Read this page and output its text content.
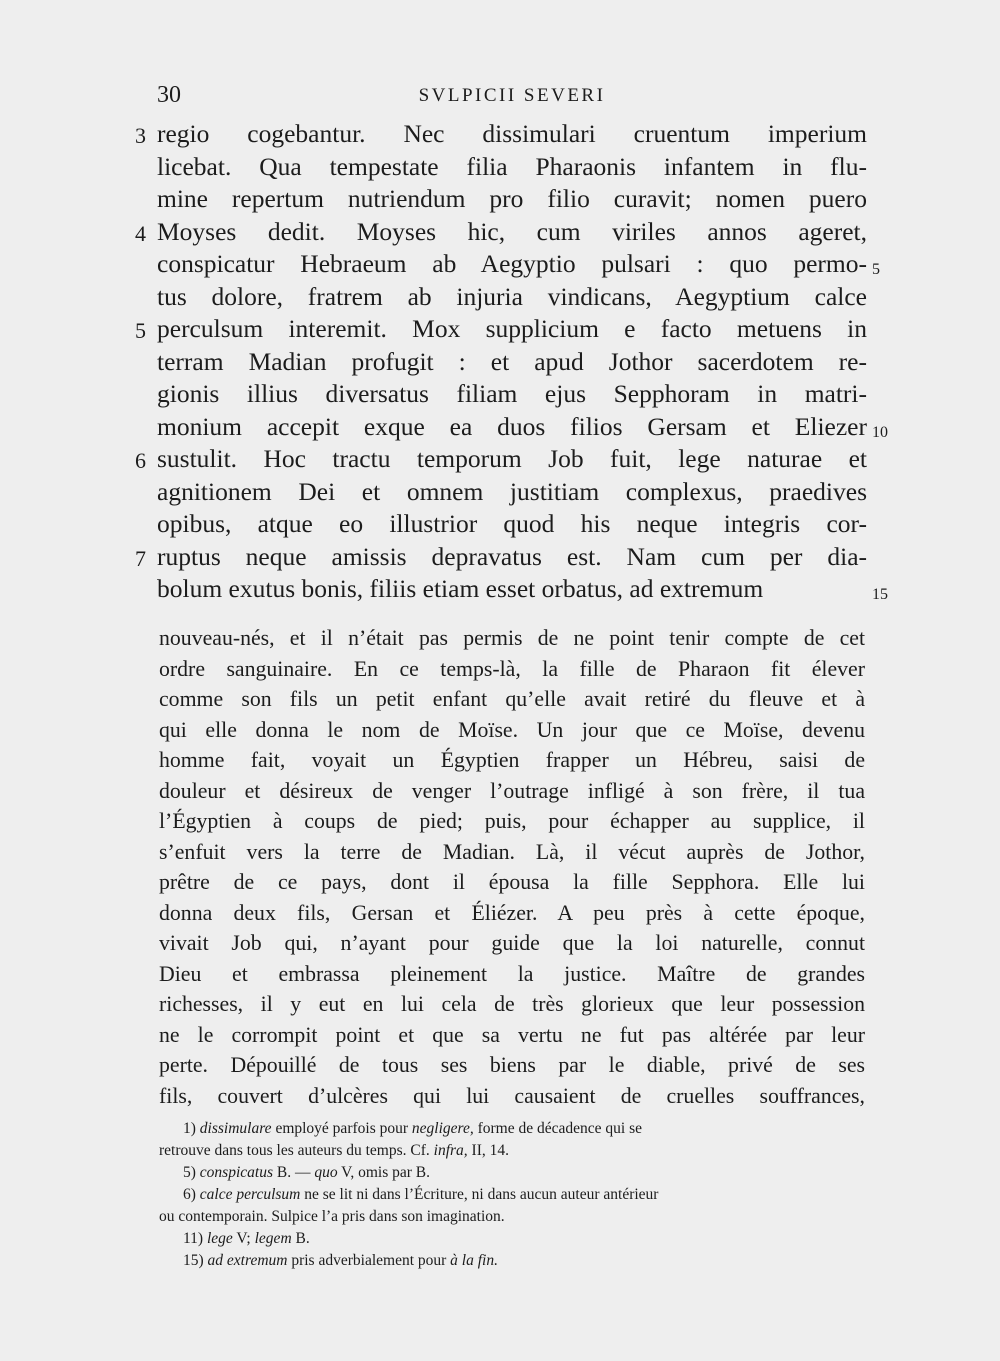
30	SVLPICII SEVERI
regio cogebantur. Nec dissimulari cruentum imperium
3
licebat. Qua tempestate filia Pharaonis infantem in flu-
mine repertum nutriendum pro filio curavit; nomen puero
Moyses dedit. Moyses hic, cum viriles annos ageret,
4
conspicatur Hebraeum ab Aegyptio pulsari : quo permo- 5
tus dolore, fratrem ab injuria vindicans, Aegyptium calce
perculsum interemit. Mox supplicium e facto metuens in
5
terram Madian profugit : et apud Jothor sacerdotem re-
gionis illius diversatus filiam ejus Sepphoram in matri-
monium accepit exque ea duos filios Gersam et Eliezer 10
sustulit. Hoc tractu temporum Job fuit, lege naturae et
6
agnitionem Dei et omnem justitiam complexus, praedives
opibus, atque eo illustrior quod his neque integris cor-
ruptus neque amissis depravatus est. Nam cum per dia-
7
bolum exutus bonis, filiis etiam esset orbatus, ad extremum	15
nouveau-nés, et il n’était pas permis de ne point tenir compte de cet
ordre sanguinaire. En ce temps-là, la fille de Pharaon fit élever
comme son fils un petit enfant qu’elle avait retiré du fleuve et à
qui elle donna le nom de Moïse. Un jour que ce Moïse, devenu
homme fait, voyait un Égyptien frapper un Hébreu, saisi de
douleur et désireux de venger l’outrage infligé à son frère, il tua
l’Égyptien à coups de pied; puis, pour échapper au supplice, il
s’enfuit vers la terre de Madian. Là, il vécut auprès de Jothor,
prêtre de ce pays, dont il épousa la fille Sepphora. Elle lui
donna deux fils, Gersan et Éliézer. A peu près à cette époque,
vivait Job qui, n’ayant pour guide que la loi naturelle, connut
Dieu et embrassa pleinement la justice. Maître de grandes
richesses, il y eut en lui cela de très glorieux que leur possession
ne le corrompit point et que sa vertu ne fut pas altérée par leur
perte. Dépouillé de tous ses biens par le diable, privé de ses
fils, couvert d’ulcères qui lui causaient de cruelles souffrances,
1) dissimulare employé parfois pour negligere, forme de décadence qui se
retrouve dans tous les auteurs du temps. Cf. infra, II, 14.
5) conspicatus B. — quo V, omis par B.
6) calce perculsum ne se lit ni dans l’Écriture, ni dans aucun auteur antérieur
ou contemporain. Sulpice l’a pris dans son imagination.
11) lege V; legem B.
15) ad extremum pris adverbialement pour à la fin.
